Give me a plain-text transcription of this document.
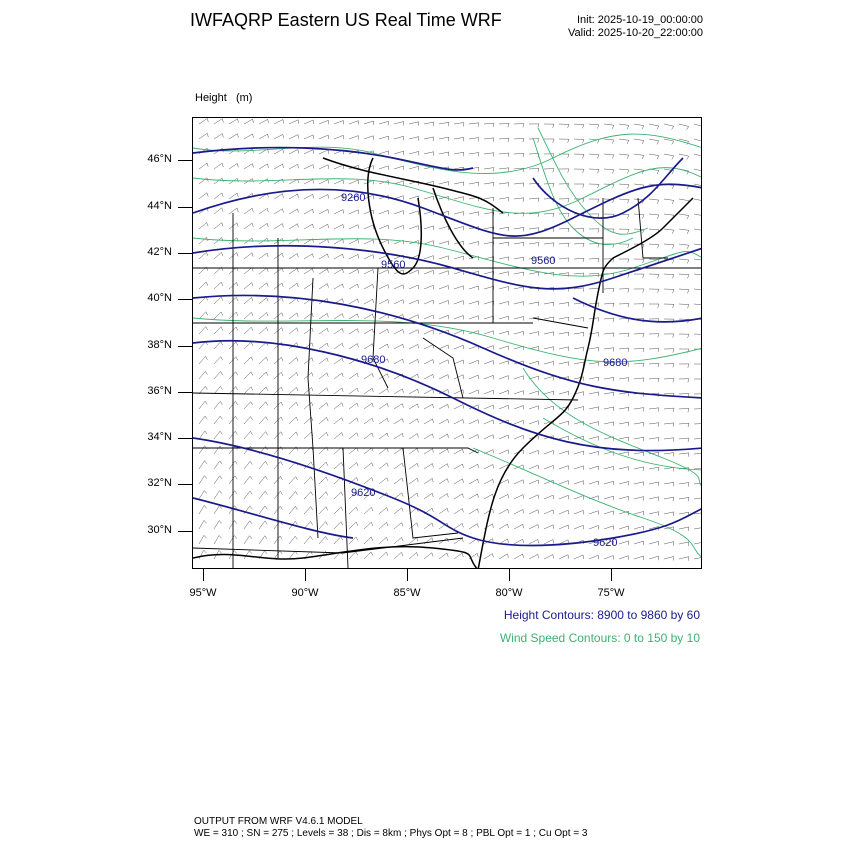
IWFAQRP Eastern US Real Time WRF	Init: 2025-10-19_00:00:00
Valid: 2025-10-20_22:00:00

Height (m)

9260
9560	9560
9680	9680
9620
9620
46°N
44°N
42°N
40°N
38°N
36°N
34°N
32°N
30°N
95°W	90°W	85°W	80°W	75°W
Height Contours: 8900 to 9860 by 60
Wind Speed Contours: 0 to 150 by 10
OUTPUT FROM WRF V4.6.1 MODEL
WE = 310 ; SN = 275 ; Levels = 38 ; Dis = 8km ; Phys Opt = 8 ; PBL Opt = 1 ; Cu Opt = 3
